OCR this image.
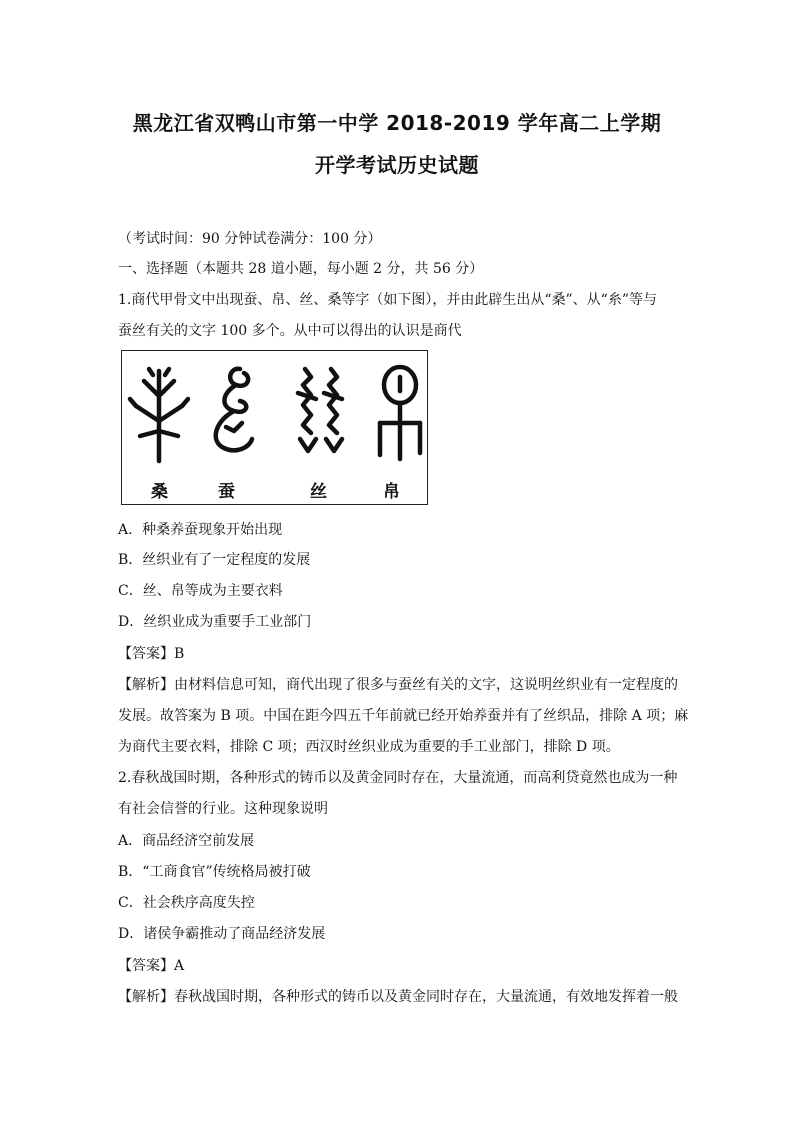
黑龙江省双鸭山市第一中学 2018-2019 学年高二上学期
开学考试历史试题
（考试时间：90 分钟试卷满分：100 分）
一、选择题（本题共 28 道小题，每小题 2 分，共 56 分）
1.商代甲骨文中出现蚕、帛、丝、桑等字（如下图），并由此辟生出从“桑”、从“糸”等与
蚕丝有关的文字 100 多个。从中可以得出的认识是商代
桑	蚕	丝	帛
A．种桑养蚕现象开始出现
B．丝织业有了一定程度的发展
C．丝、帛等成为主要衣料
D．丝织业成为重要手工业部门
【答案】B
【解析】由材料信息可知，商代出现了很多与蚕丝有关的文字，这说明丝织业有一定程度的
发展。故答案为 B 项。中国在距今四五千年前就已经开始养蚕并有了丝织品，排除 A 项；麻
为商代主要衣料，排除 C 项；西汉时丝织业成为重要的手工业部门，排除 D 项。
2.春秋战国时期，各种形式的铸币以及黄金同时存在，大量流通，而高利贷竟然也成为一种
有社会信誉的行业。这种现象说明
A．商品经济空前发展
B．“工商食官”传统格局被打破
C．社会秩序高度失控
D．诸侯争霸推动了商品经济发展
【答案】A
【解析】春秋战国时期，各种形式的铸币以及黄金同时存在，大量流通，有效地发挥着一般
